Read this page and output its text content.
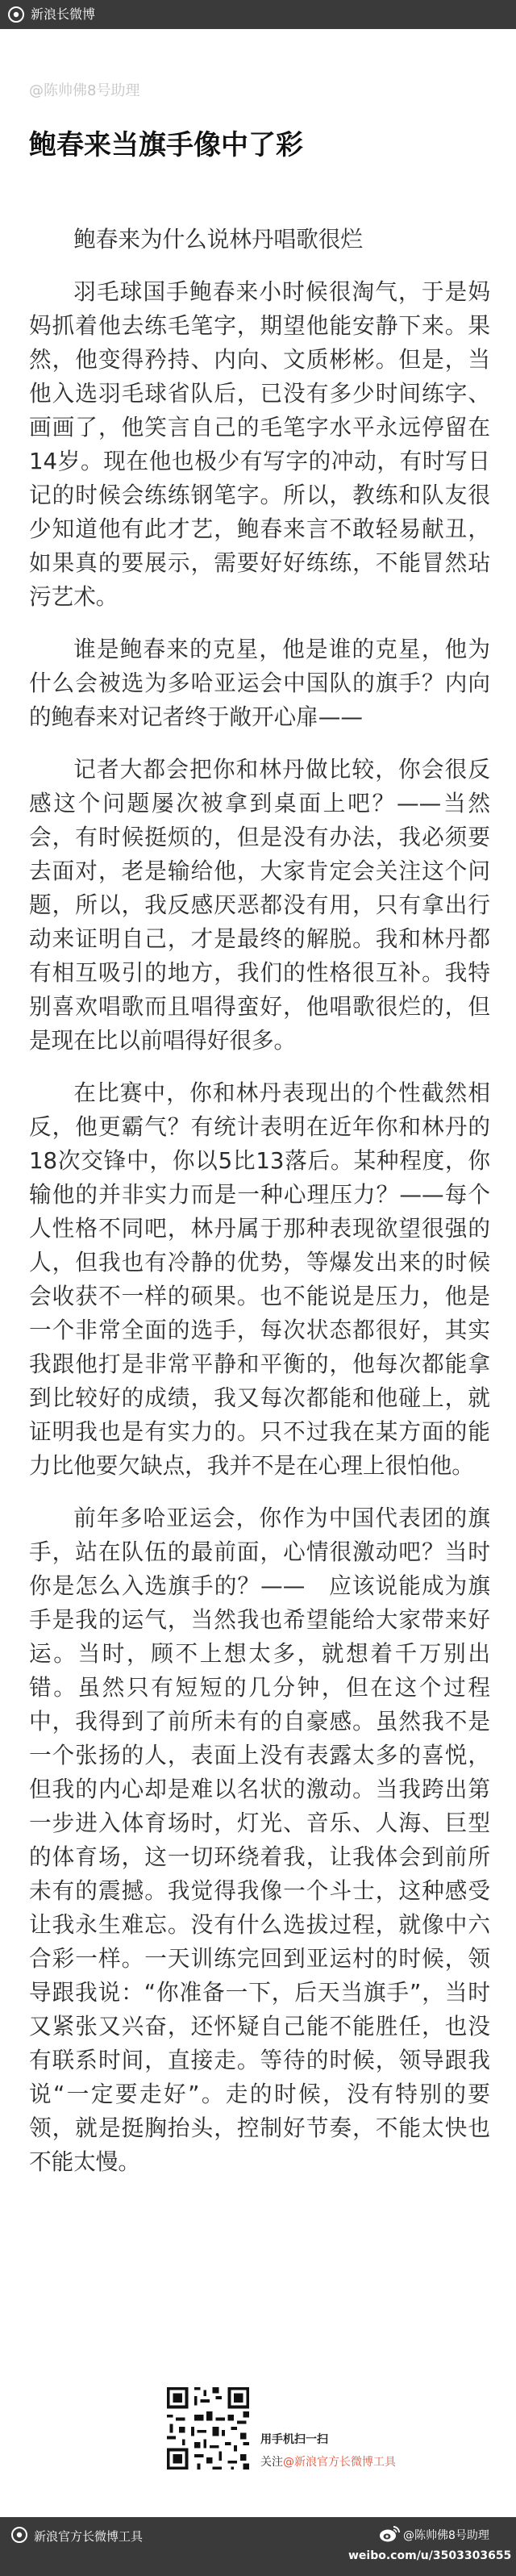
新浪长微博
@陈帅佛8号助理
鲍春来当旗手像中了彩

鲍春来为什么说林丹唱歌很烂

羽毛球国手鲍春来小时候很淘气，于是妈妈抓着他去练毛笔字，期望他能安静下来。果然，他变得矜持、内向、文质彬彬。但是，当他入选羽毛球省队后，已没有多少时间练字、画画了，他笑言自己的毛笔字水平永远停留在14岁。现在他也极少有写字的冲动，有时写日记的时候会练练钢笔字。所以，教练和队友很少知道他有此才艺，鲍春来言不敢轻易献丑，如果真的要展示，需要好好练练，不能冒然玷污艺术。

谁是鲍春来的克星，他是谁的克星，他为什么会被选为多哈亚运会中国队的旗手？内向的鲍春来对记者终于敞开心扉——

记者大都会把你和林丹做比较，你会很反感这个问题屡次被拿到桌面上吧？——当然会，有时候挺烦的，但是没有办法，我必须要去面对，老是输给他，大家肯定会关注这个问题，所以，我反感厌恶都没有用，只有拿出行动来证明自己，才是最终的解脱。我和林丹都有相互吸引的地方，我们的性格很互补。我特别喜欢唱歌而且唱得蛮好，他唱歌很烂的，但是现在比以前唱得好很多。

在比赛中，你和林丹表现出的个性截然相反，他更霸气？有统计表明在近年你和林丹的18次交锋中，你以5比13落后。某种程度，你输他的并非实力而是一种心理压力？——每个人性格不同吧，林丹属于那种表现欲望很强的人，但我也有冷静的优势，等爆发出来的时候会收获不一样的硕果。也不能说是压力，他是一个非常全面的选手，每次状态都很好，其实我跟他打是非常平静和平衡的，他每次都能拿到比较好的成绩，我又每次都能和他碰上，就证明我也是有实力的。只不过我在某方面的能力比他要欠缺点，我并不是在心理上很怕他。

前年多哈亚运会，你作为中国代表团的旗手，站在队伍的最前面，心情很激动吧？当时你是怎么入选旗手的？——　应该说能成为旗手是我的运气，当然我也希望能给大家带来好运。当时，顾不上想太多，就想着千万别出错。虽然只有短短的几分钟，但在这个过程中，我得到了前所未有的自豪感。虽然我不是一个张扬的人，表面上没有表露太多的喜悦，但我的内心却是难以名状的激动。当我跨出第一步进入体育场时，灯光、音乐、人海、巨型的体育场，这一切环绕着我，让我体会到前所未有的震撼。我觉得我像一个斗士，这种感受让我永生难忘。没有什么选拔过程，就像中六合彩一样。一天训练完回到亚运村的时候，领导跟我说：“你准备一下，后天当旗手”，当时又紧张又兴奋，还怀疑自己能不能胜任，也没有联系时间，直接走。等待的时候，领导跟我说“一定要走好”。走的时候，没有特别的要领，就是挺胸抬头，控制好节奏，不能太快也不能太慢。

用手机扫一扫
关注@新浪官方长微博工具
新浪官方长微博工具	@陈帅佛8号助理
weibo.com/u/3503303655
